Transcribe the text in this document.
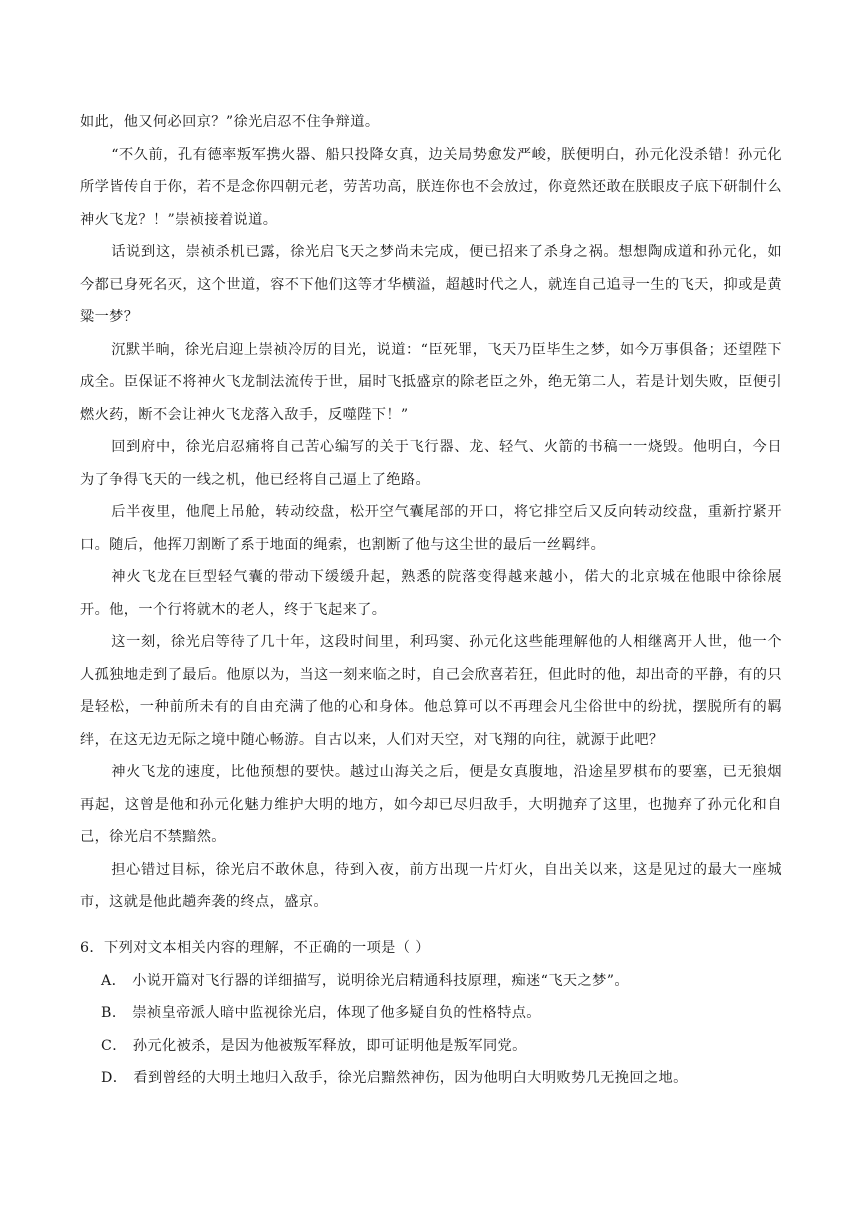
如此，他又何必回京？”徐光启忍不住争辩道。

“不久前，孔有德率叛军携火器、船只投降女真，边关局势愈发严峻，朕便明白，孙元化没杀错！孙元化所学皆传自于你，若不是念你四朝元老，劳苦功高，朕连你也不会放过，你竟然还敢在朕眼皮子底下研制什么神火飞龙？！”崇祯接着说道。

话说到这，崇祯杀机已露，徐光启飞天之梦尚未完成，便已招来了杀身之祸。想想陶成道和孙元化，如今都已身死名灭，这个世道，容不下他们这等才华横溢，超越时代之人，就连自己追寻一生的飞天，抑或是黄粱一梦？

沉默半晌，徐光启迎上崇祯冷厉的目光，说道：“臣死罪，飞天乃臣毕生之梦，如今万事俱备；还望陛下成全。臣保证不将神火飞龙制法流传于世，届时飞抵盛京的除老臣之外，绝无第二人，若是计划失败，臣便引燃火药，断不会让神火飞龙落入敌手，反噬陛下！”

回到府中，徐光启忍痛将自己苦心编写的关于飞行器、龙、轻气、火箭的书稿一一烧毁。他明白，今日为了争得飞天的一线之机，他已经将自己逼上了绝路。

后半夜里，他爬上吊舱，转动绞盘，松开空气囊尾部的开口，将它排空后又反向转动绞盘，重新拧紧开口。随后，他挥刀割断了系于地面的绳索，也割断了他与这尘世的最后一丝羁绊。

神火飞龙在巨型轻气囊的带动下缓缓升起，熟悉的院落变得越来越小，偌大的北京城在他眼中徐徐展开。他，一个行将就木的老人，终于飞起来了。

这一刻，徐光启等待了几十年，这段时间里，利玛窦、孙元化这些能理解他的人相继离开人世，他一个人孤独地走到了最后。他原以为，当这一刻来临之时，自己会欣喜若狂，但此时的他，却出奇的平静，有的只是轻松，一种前所未有的自由充满了他的心和身体。他总算可以不再理会凡尘俗世中的纷扰，摆脱所有的羁绊，在这无边无际之境中随心畅游。自古以来，人们对天空，对飞翔的向往，就源于此吧？

神火飞龙的速度，比他预想的要快。越过山海关之后，便是女真腹地，沿途星罗棋布的要塞，已无狼烟再起，这曾是他和孙元化魅力维护大明的地方，如今却已尽归敌手，大明抛弃了这里，也抛弃了孙元化和自己，徐光启不禁黯然。

担心错过目标，徐光启不敢休息，待到入夜，前方出现一片灯火，自出关以来，这是见过的最大一座城市，这就是他此趟奔袭的终点，盛京。

6．下列对文本相关内容的理解，不正确的一项是（ ）

A． 小说开篇对飞行器的详细描写，说明徐光启精通科技原理，痴迷“飞天之梦”。

B． 崇祯皇帝派人暗中监视徐光启，体现了他多疑自负的性格特点。

C． 孙元化被杀，是因为他被叛军释放，即可证明他是叛军同党。

D． 看到曾经的大明土地归入敌手，徐光启黯然神伤，因为他明白大明败势几无挽回之地。
